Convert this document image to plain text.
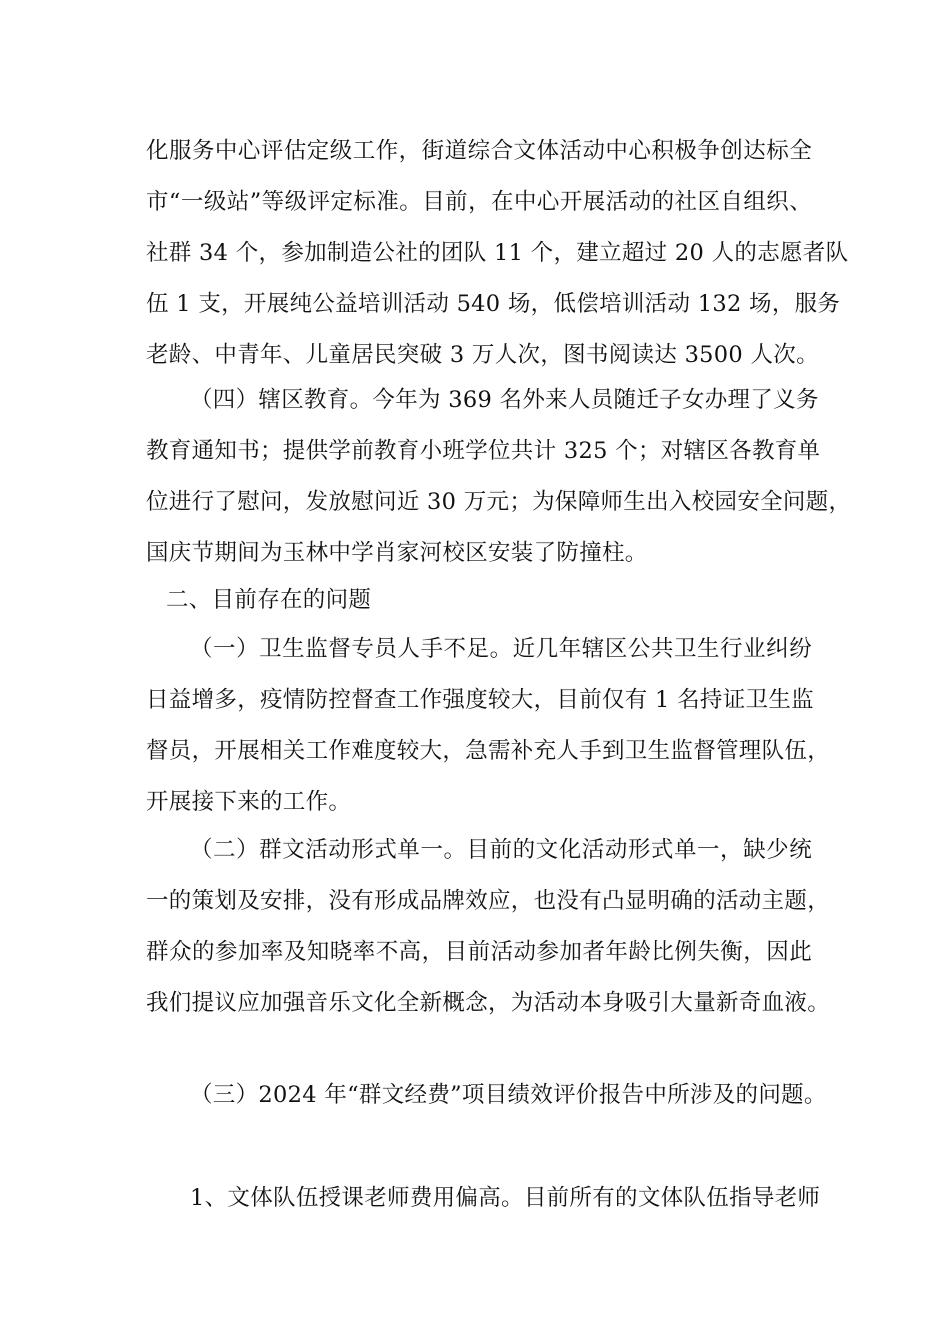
化服务中心评估定级工作，街道综合文体活动中心积极争创达标全
市“一级站”等级评定标准。目前，在中心开展活动的社区自组织、
社群 34 个，参加制造公社的团队 11 个，建立超过 20 人的志愿者队
伍 1 支，开展纯公益培训活动 540 场，低偿培训活动 132 场，服务
老龄、中青年、儿童居民突破 3 万人次，图书阅读达 3500 人次。
（四）辖区教育。今年为 369 名外来人员随迁子女办理了义务
教育通知书；提供学前教育小班学位共计 325 个；对辖区各教育单
位进行了慰问，发放慰问近 30 万元；为保障师生出入校园安全问题，
国庆节期间为玉林中学肖家河校区安装了防撞柱。
二、目前存在的问题
（一）卫生监督专员人手不足。近几年辖区公共卫生行业纠纷
日益增多，疫情防控督查工作强度较大，目前仅有 1 名持证卫生监
督员，开展相关工作难度较大，急需补充人手到卫生监督管理队伍，
开展接下来的工作。
（二）群文活动形式单一。目前的文化活动形式单一，缺少统
一的策划及安排，没有形成品牌效应，也没有凸显明确的活动主题，
群众的参加率及知晓率不高，目前活动参加者年龄比例失衡，因此
我们提议应加强音乐文化全新概念，为活动本身吸引大量新奇血液。
（三）2024 年“群文经费”项目绩效评价报告中所涉及的问题。
1、文体队伍授课老师费用偏高。目前所有的文体队伍指导老师
